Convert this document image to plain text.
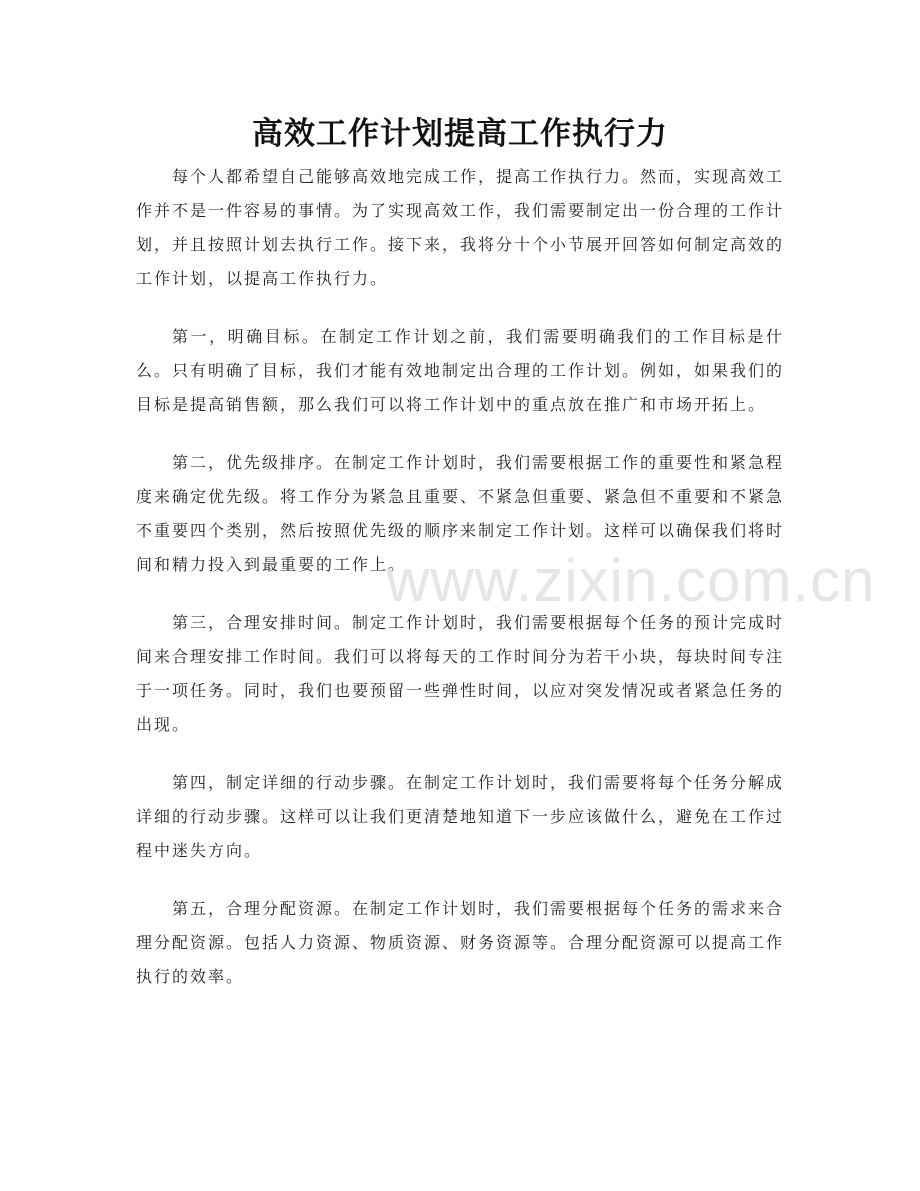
高效工作计划提高工作执行力

每个人都希望自己能够高效地完成工作，提高工作执行力。然而，实现高效工作并不是一件容易的事情。为了实现高效工作，我们需要制定出一份合理的工作计划，并且按照计划去执行工作。接下来，我将分十个小节展开回答如何制定高效的工作计划，以提高工作执行力。

第一，明确目标。在制定工作计划之前，我们需要明确我们的工作目标是什么。只有明确了目标，我们才能有效地制定出合理的工作计划。例如，如果我们的目标是提高销售额，那么我们可以将工作计划中的重点放在推广和市场开拓上。

第二，优先级排序。在制定工作计划时，我们需要根据工作的重要性和紧急程度来确定优先级。将工作分为紧急且重要、不紧急但重要、紧急但不重要和不紧急不重要四个类别，然后按照优先级的顺序来制定工作计划。这样可以确保我们将时间和精力投入到最重要的工作上。

第三，合理安排时间。制定工作计划时，我们需要根据每个任务的预计完成时间来合理安排工作时间。我们可以将每天的工作时间分为若干小块，每块时间专注于一项任务。同时，我们也要预留一些弹性时间，以应对突发情况或者紧急任务的出现。

第四，制定详细的行动步骤。在制定工作计划时，我们需要将每个任务分解成详细的行动步骤。这样可以让我们更清楚地知道下一步应该做什么，避免在工作过程中迷失方向。

第五，合理分配资源。在制定工作计划时，我们需要根据每个任务的需求来合理分配资源。包括人力资源、物质资源、财务资源等。合理分配资源可以提高工作执行的效率。

www.zixin.com.cn
